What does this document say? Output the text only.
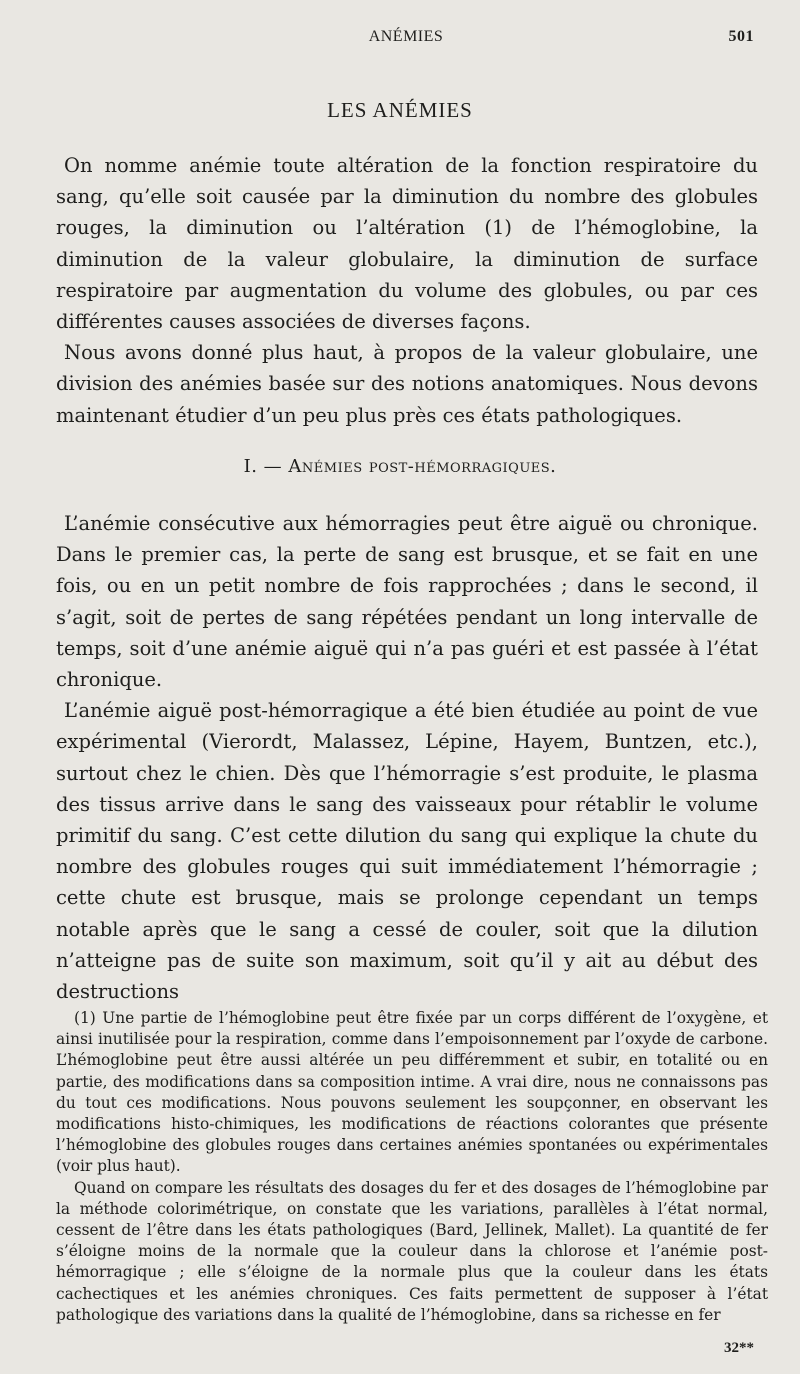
ANÉMIES	501
LES ANÉMIES

On nomme anémie toute altération de la fonction respiratoire du sang, qu’elle soit causée par la diminution du nombre des globules rouges, la diminution ou l’altération (1) de l’hémoglobine, la diminution de la valeur globulaire, la diminution de surface respiratoire par augmentation du volume des globules, ou par ces différentes causes associées de diverses façons.

Nous avons donné plus haut, à propos de la valeur globulaire, une division des anémies basée sur des notions anatomiques. Nous devons maintenant étudier d’un peu plus près ces états pathologiques.

I. — Anémies post-hémorragiques.

L’anémie consécutive aux hémorragies peut être aiguë ou chronique. Dans le premier cas, la perte de sang est brusque, et se fait en une fois, ou en un petit nombre de fois rapprochées ; dans le second, il s’agit, soit de pertes de sang répétées pendant un long intervalle de temps, soit d’une anémie aiguë qui n’a pas guéri et est passée à l’état chronique.

L’anémie aiguë post-hémorragique a été bien étudiée au point de vue expérimental (Vierordt, Malassez, Lépine, Hayem, Buntzen, etc.), surtout chez le chien. Dès que l’hémorragie s’est produite, le plasma des tissus arrive dans le sang des vaisseaux pour rétablir le volume primitif du sang. C’est cette dilution du sang qui explique la chute du nombre des globules rouges qui suit immédiatement l’hémorragie ; cette chute est brusque, mais se prolonge cependant un temps notable après que le sang a cessé de couler, soit que la dilution n’atteigne pas de suite son maximum, soit qu’il y ait au début des destructions

(1) Une partie de l’hémoglobine peut être fixée par un corps différent de l’oxygène, et ainsi inutilisée pour la respiration, comme dans l’empoisonnement par l’oxyde de carbone. L’hémoglobine peut être aussi altérée un peu différemment et subir, en totalité ou en partie, des modifications dans sa composition intime. A vrai dire, nous ne connaissons pas du tout ces modifications. Nous pouvons seulement les soupçonner, en observant les modifications histo-chimiques, les modifications de réactions colorantes que présente l’hémoglobine des globules rouges dans certaines anémies spontanées ou expérimentales (voir plus haut).

Quand on compare les résultats des dosages du fer et des dosages de l’hémoglobine par la méthode colorimétrique, on constate que les variations, parallèles à l’état normal, cessent de l’être dans les états pathologiques (Bard, Jellinek, Mallet). La quantité de fer s’éloigne moins de la normale que la couleur dans la chlorose et l’anémie post-hémorragique ; elle s’éloigne de la normale plus que la couleur dans les états cachectiques et les anémies chroniques. Ces faits permettent de supposer à l’état pathologique des variations dans la qualité de l’hémoglobine, dans sa richesse en fer

32**
